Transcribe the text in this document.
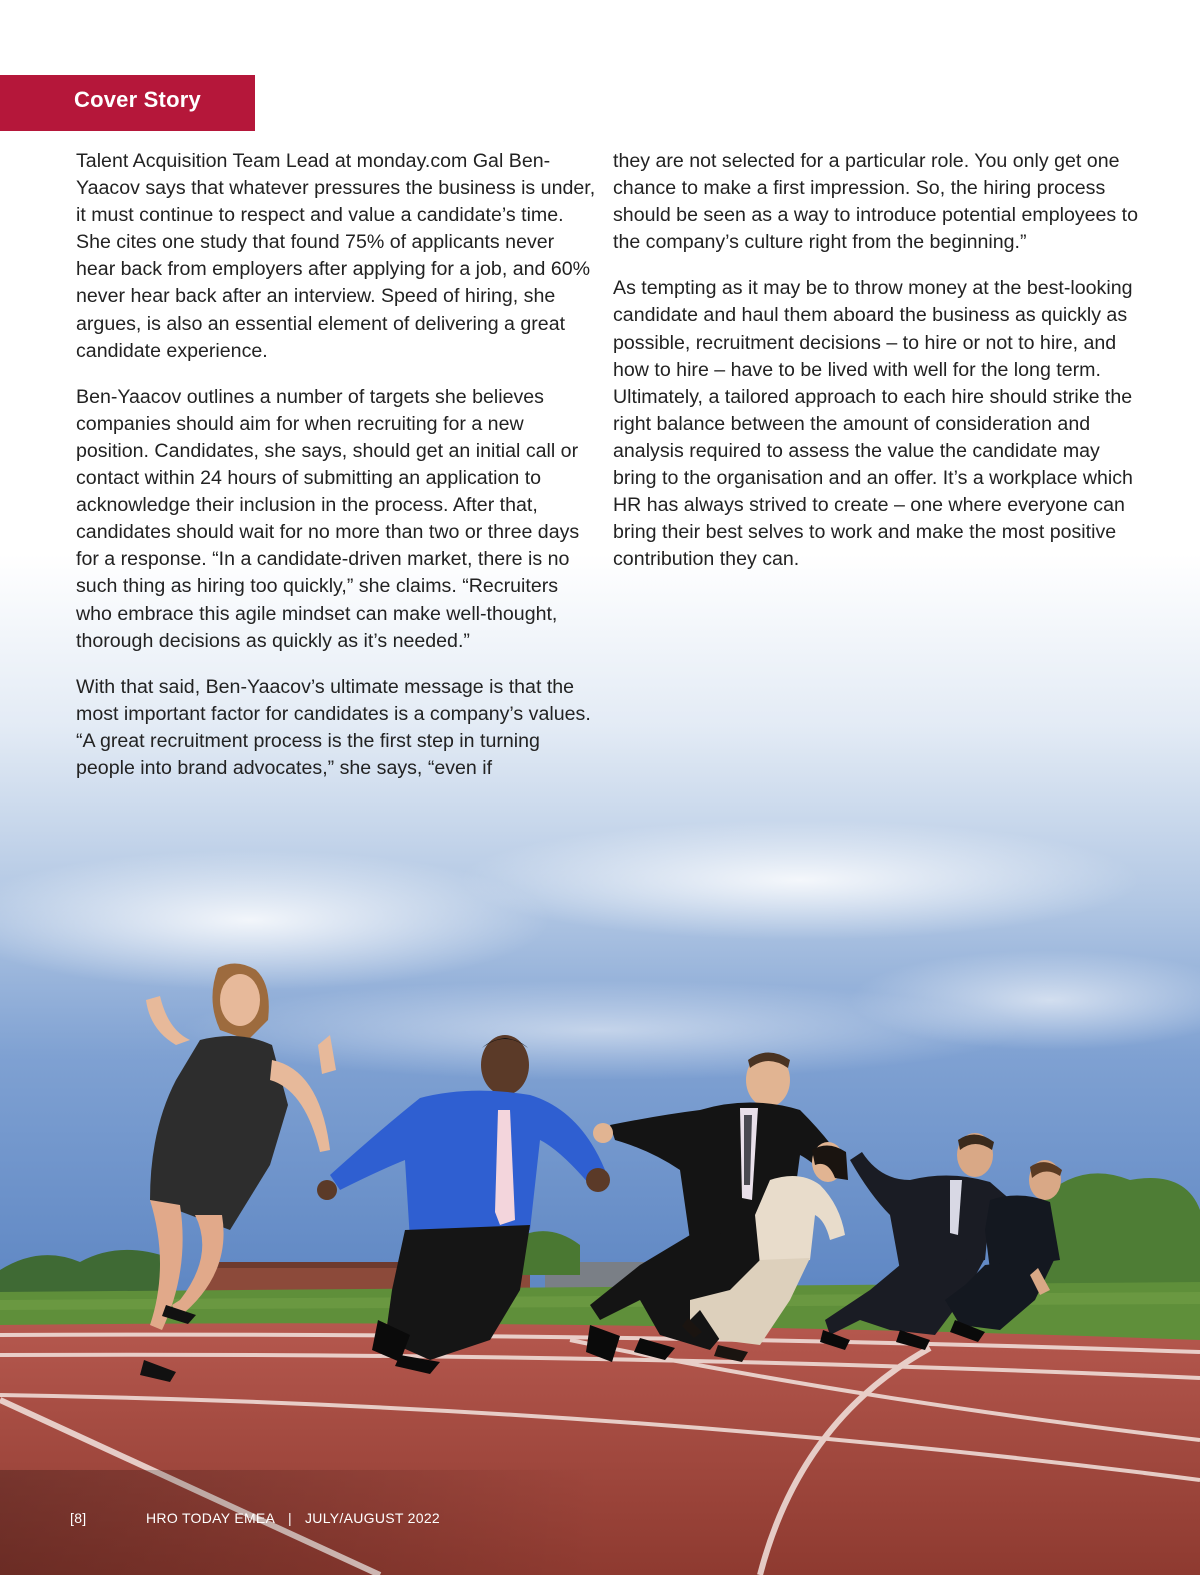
Cover Story

Talent Acquisition Team Lead at monday.com Gal Ben-Yaacov says that whatever pressures the business is under, it must continue to respect and value a candidate’s time. She cites one study that found 75% of applicants never hear back from employers after applying for a job, and 60% never hear back after an interview. Speed of hiring, she argues, is also an essential element of delivering a great candidate experience.

Ben-Yaacov outlines a number of targets she believes companies should aim for when recruiting for a new position. Candidates, she says, should get an initial call or contact within 24 hours of submitting an application to acknowledge their inclusion in the process. After that, candidates should wait for no more than two or three days for a response. “In a candidate-driven market, there is no such thing as hiring too quickly,” she claims. “Recruiters who embrace this agile mindset can make well-thought, thorough decisions as quickly as it’s needed.”

With that said, Ben-Yaacov’s ultimate message is that the most important factor for candidates is a company’s values. “A great recruitment process is the first step in turning people into brand advocates,” she says, “even if

they are not selected for a particular role. You only get one chance to make a first impression. So, the hiring process should be seen as a way to introduce potential employees to the company’s culture right from the beginning.”

As tempting as it may be to throw money at the best-looking candidate and haul them aboard the business as quickly as possible, recruitment decisions – to hire or not to hire, and how to hire – have to be lived with well for the long term. Ultimately, a tailored approach to each hire should strike the right balance between the amount of consideration and analysis required to assess the value the candidate may bring to the organisation and an offer. It’s a workplace which HR has always strived to create – one where everyone can bring their best selves to work and make the most positive contribution they can.

[8]	HRO TODAY EMEA | JULY/AUGUST 2022
